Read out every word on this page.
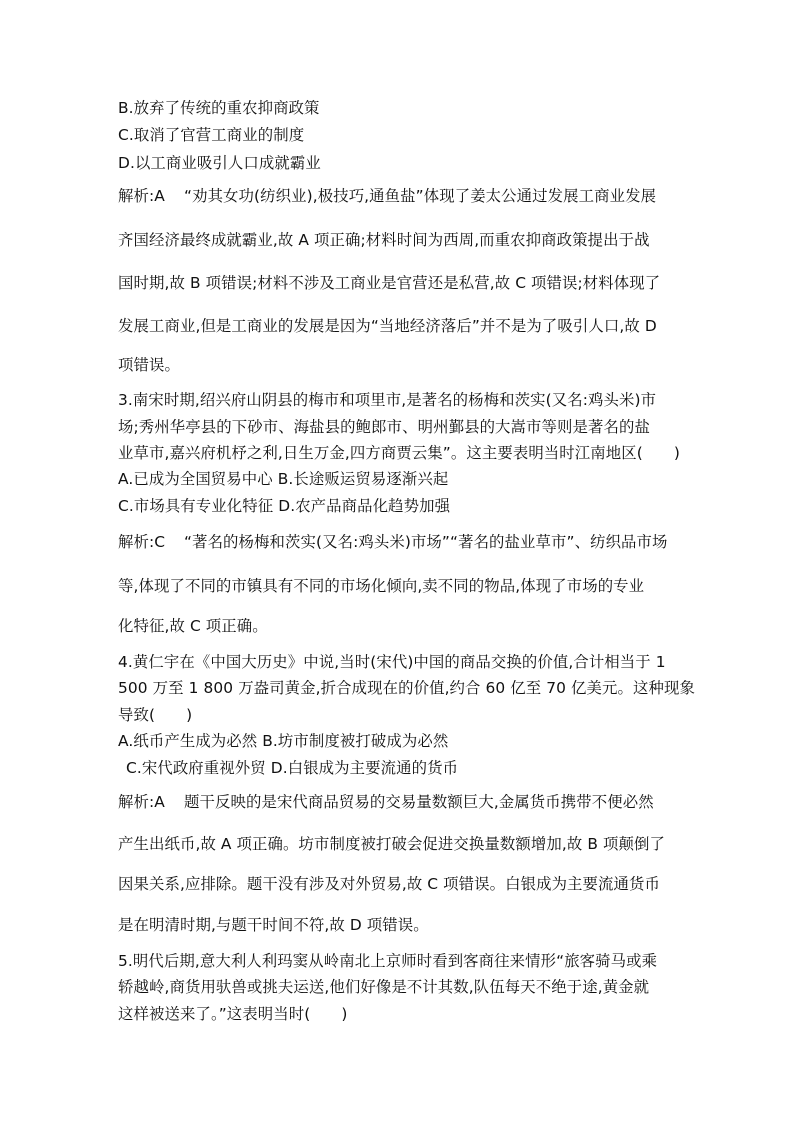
B.放弃了传统的重农抑商政策
C.取消了官营工商业的制度
D.以工商业吸引人口成就霸业
解析:A “劝其女功(纺织业),极技巧,通鱼盐”体现了姜太公通过发展工商业发展
齐国经济最终成就霸业,故 A 项正确;材料时间为西周,而重农抑商政策提出于战
国时期,故 B 项错误;材料不涉及工商业是官营还是私营,故 C 项错误;材料体现了
发展工商业,但是工商业的发展是因为“当地经济落后”并不是为了吸引人口,故 D
项错误。
3.南宋时期,绍兴府山阴县的梅市和项里市,是著名的杨梅和茨实(又名:鸡头米)市
场;秀州华亭县的下砂市、海盐县的鲍郎市、明州鄞县的大嵩市等则是著名的盐
业草市,嘉兴府机杼之利,日生万金,四方商贾云集”。这主要表明当时江南地区(　　)
A.已成为全国贸易中心 B.长途贩运贸易逐渐兴起
C.市场具有专业化特征 D.农产品商品化趋势加强
解析:C “著名的杨梅和茨实(又名:鸡头米)市场”“著名的盐业草市”、纺织品市场
等,体现了不同的市镇具有不同的市场化倾向,卖不同的物品,体现了市场的专业
化特征,故 C 项正确。
4.黄仁宇在《中国大历史》中说,当时(宋代)中国的商品交换的价值,合计相当于 1
500 万至 1 800 万盎司黄金,折合成现在的价值,约合 60 亿至 70 亿美元。这种现象
导致(　　)
A.纸币产生成为必然 B.坊市制度被打破成为必然
C.宋代政府重视外贸 D.白银成为主要流通的货币
解析:A 题干反映的是宋代商品贸易的交易量数额巨大,金属货币携带不便必然
产生出纸币,故 A 项正确。坊市制度被打破会促进交换量数额增加,故 B 项颠倒了
因果关系,应排除。题干没有涉及对外贸易,故 C 项错误。白银成为主要流通货币
是在明清时期,与题干时间不符,故 D 项错误。
5.明代后期,意大利人利玛窦从岭南北上京师时看到客商往来情形“旅客骑马或乘
轿越岭,商货用驮兽或挑夫运送,他们好像是不计其数,队伍每天不绝于途,黄金就
这样被送来了。”这表明当时(　　)
